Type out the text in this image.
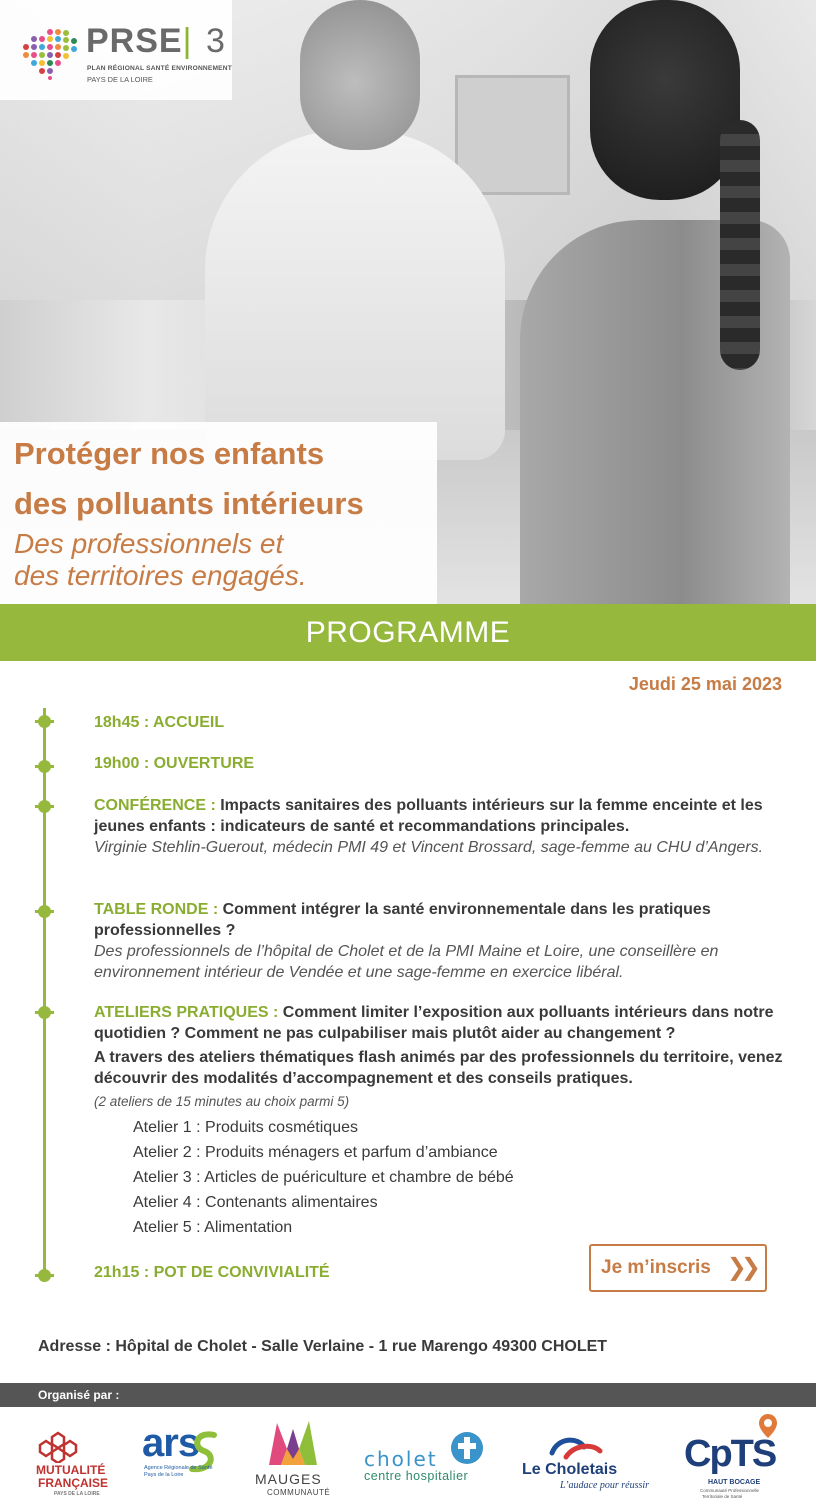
PRSE| 3
PLAN RÉGIONAL SANTÉ ENVIRONNEMENT
PAYS DE LA LOIRE
Protéger nos enfants
des polluants intérieurs
Des professionnels et
des territoires engagés.
PROGRAMME
Jeudi 25 mai 2023
18h45 : ACCUEIL
19h00 : OUVERTURE
CONFÉRENCE : Impacts sanitaires des polluants intérieurs sur la femme enceinte et les jeunes enfants : indicateurs de santé et recommandations principales.
Virginie Stehlin-Guerout, médecin PMI 49 et Vincent Brossard, sage-femme au CHU d’Angers.
TABLE RONDE : Comment intégrer la santé environnementale dans les pratiques professionnelles ?
Des professionnels de l’hôpital de Cholet et de la PMI Maine et Loire, une conseillère en environnement intérieur de Vendée et une sage-femme en exercice libéral.
ATELIERS PRATIQUES : Comment limiter l’exposition aux polluants intérieurs dans notre quotidien ? Comment ne pas culpabiliser mais plutôt aider au changement ?
A travers des ateliers thématiques flash animés par des professionnels du territoire, venez découvrir des modalités d’accompagnement et des conseils pratiques.
(2 ateliers de 15 minutes au choix parmi 5)
Atelier 1 : Produits cosmétiques
Atelier 2 : Produits ménagers et parfum d’ambiance
Atelier 3 : Articles de puériculture et chambre de bébé
Atelier 4 : Contenants alimentaires
Atelier 5 : Alimentation
21h15 : POT DE CONVIVIALITÉ	Je m’inscris ❯❯
Adresse : Hôpital de Cholet - Salle Verlaine - 1 rue Marengo 49300 CHOLET
Organisé par :
MUTUALITÉ
FRANÇAISE
PAYS DE LA LOIRE
ars
Agence Régionale de Santé
Pays de la Loire	MAUGES
COMMUNAUTÉ
cholet
centre hospitalier	Le Choletais
L’audace pour réussir
CpTS
HAUT BOCAGE
Communauté Professionnelle
Territoriale de Santé
